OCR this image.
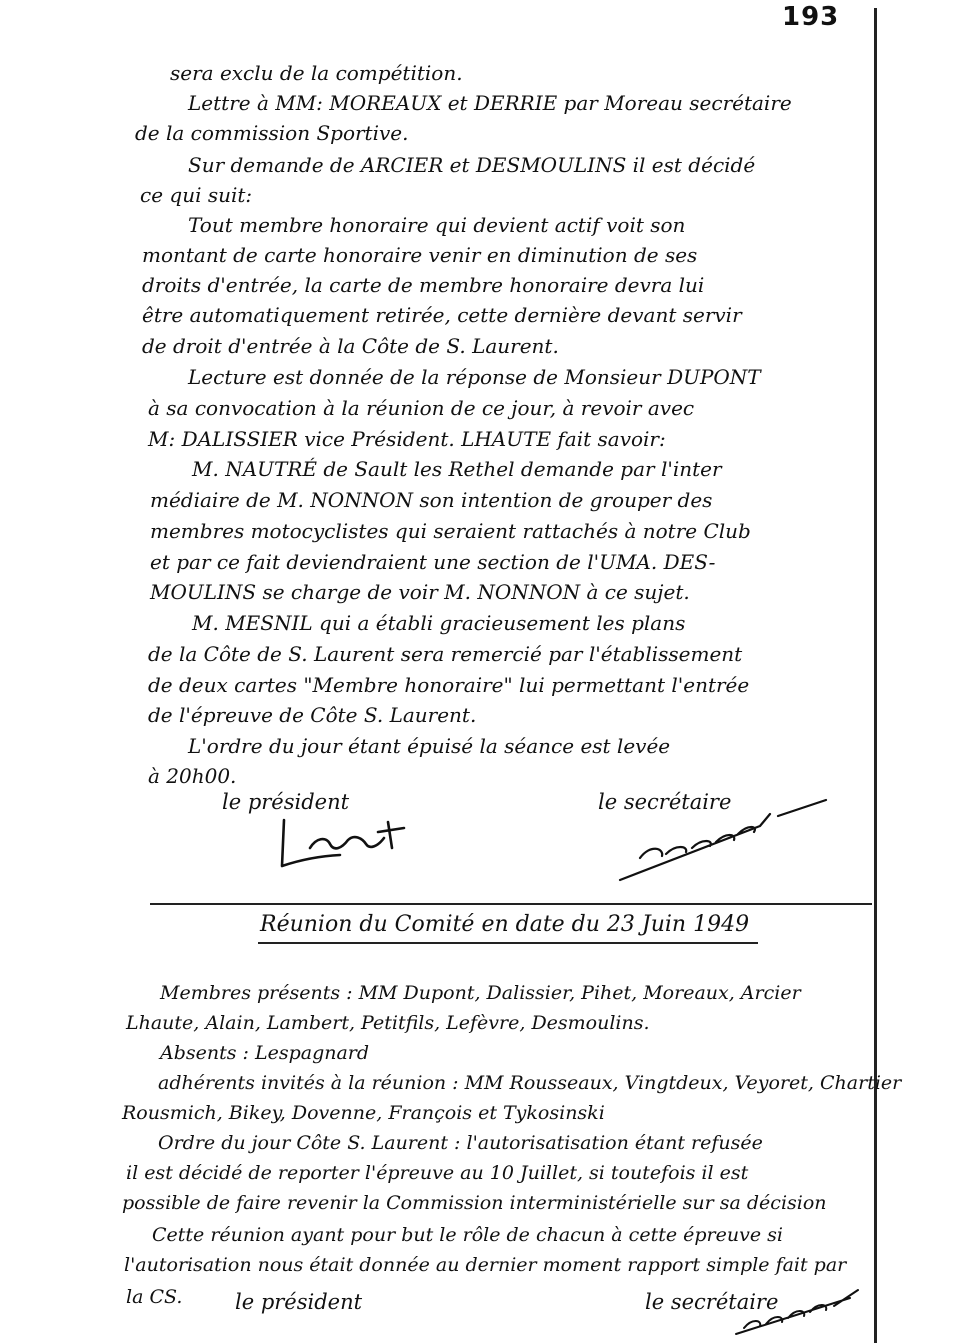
193
sera exclu de la compétition.
Lettre à MM: MOREAUX et DERRIE par Moreau secrétaire
de la commission Sportive.
Sur demande de ARCIER et DESMOULINS il est décidé
ce qui suit:
Tout membre honoraire qui devient actif voit son
montant de carte honoraire venir en diminution de ses
droits d'entrée, la carte de membre honoraire devra lui
être automatiquement retirée, cette dernière devant servir
de droit d'entrée à la Côte de S. Laurent.
Lecture est donnée de la réponse de Monsieur DUPONT
à sa convocation à la réunion de ce jour, à revoir avec
M: DALISSIER vice Président. LHAUTE fait savoir:
M. NAUTRÉ de Sault les Rethel demande par l'inter
médiaire de M. NONNON son intention de grouper des
membres motocyclistes qui seraient rattachés à notre Club
et par ce fait deviendraient une section de l'UMA. DES-
MOULINS se charge de voir M. NONNON à ce sujet.
M. MESNIL qui a établi gracieusement les plans
de la Côte de S. Laurent sera remercié par l'établissement
de deux cartes "Membre honoraire" lui permettant l'entrée
de l'épreuve de Côte S. Laurent.
L'ordre du jour étant épuisé la séance est levée
à 20h00.
le président	le secrétaire
Réunion du Comité en date du 23 Juin 1949
Membres présents : MM Dupont, Dalissier, Pihet, Moreaux, Arcier
Lhaute, Alain, Lambert, Petitfils, Lefèvre, Desmoulins.
Absents : Lespagnard
adhérents invités à la réunion : MM Rousseaux, Vingtdeux, Veyoret, Chartier
Rousmich, Bikey, Dovenne, François et Tykosinski
Ordre du jour Côte S. Laurent : l'autorisatisation étant refusée
il est décidé de reporter l'épreuve au 10 Juillet, si toutefois il est
possible de faire revenir la Commission interministérielle sur sa décision
Cette réunion ayant pour but le rôle de chacun à cette épreuve si
l'autorisation nous était donnée au dernier moment rapport simple fait par
la CS.	le président	le secrétaire
